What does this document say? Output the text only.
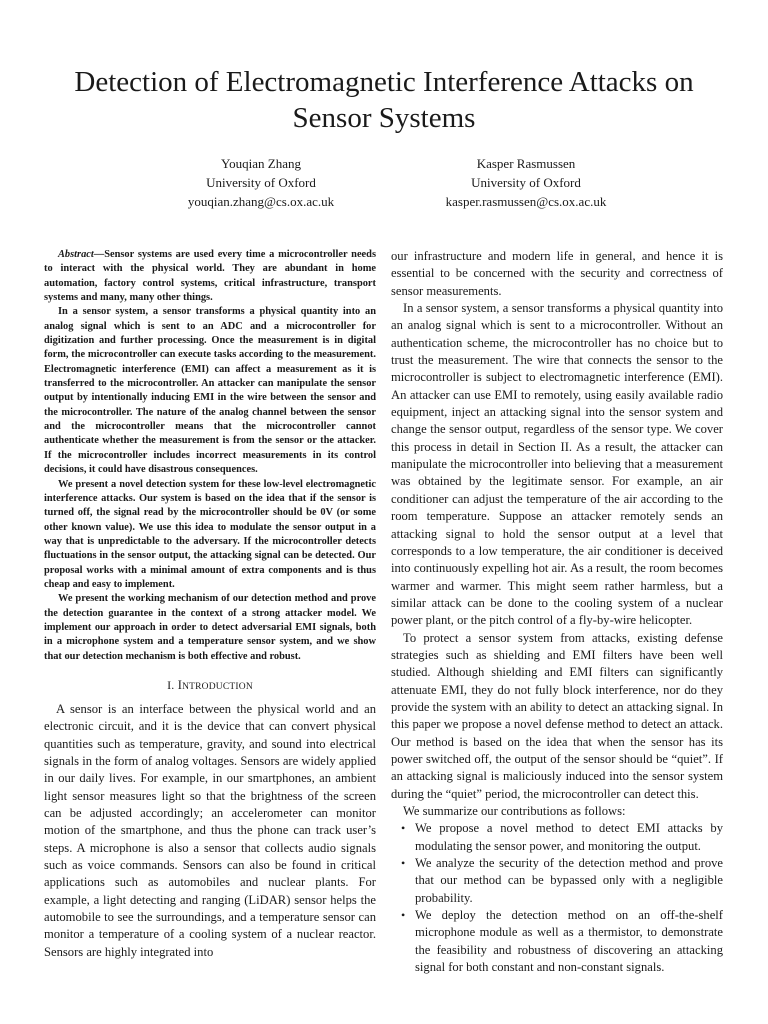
Detection of Electromagnetic Interference Attacks on Sensor Systems
Youqian Zhang
University of Oxford
youqian.zhang@cs.ox.ac.uk
Kasper Rasmussen
University of Oxford
kasper.rasmussen@cs.ox.ac.uk

Abstract—Sensor systems are used every time a microcontroller needs to interact with the physical world. They are abundant in home automation, factory control systems, critical infrastructure, transport systems and many, many other things.

In a sensor system, a sensor transforms a physical quantity into an analog signal which is sent to an ADC and a microcontroller for digitization and further processing. Once the measurement is in digital form, the microcontroller can execute tasks according to the measurement. Electromagnetic interference (EMI) can affect a measurement as it is transferred to the microcontroller. An attacker can manipulate the sensor output by intentionally inducing EMI in the wire between the sensor and the microcontroller. The nature of the analog channel between the sensor and the microcontroller means that the microcontroller cannot authenticate whether the measurement is from the sensor or the attacker. If the microcontroller includes incorrect measurements in its control decisions, it could have disastrous consequences.

We present a novel detection system for these low-level electromagnetic interference attacks. Our system is based on the idea that if the sensor is turned off, the signal read by the microcontroller should be 0V (or some other known value). We use this idea to modulate the sensor output in a way that is unpredictable to the adversary. If the microcontroller detects fluctuations in the sensor output, the attacking signal can be detected. Our proposal works with a minimal amount of extra components and is thus cheap and easy to implement.

We present the working mechanism of our detection method and prove the detection guarantee in the context of a strong attacker model. We implement our approach in order to detect adversarial EMI signals, both in a microphone system and a temperature sensor system, and we show that our detection mechanism is both effective and robust.

I. INTRODUCTION

A sensor is an interface between the physical world and an electronic circuit, and it is the device that can convert physical quantities such as temperature, gravity, and sound into electrical signals in the form of analog voltages. Sensors are widely applied in our daily lives. For example, in our smartphones, an ambient light sensor measures light so that the brightness of the screen can be adjusted accordingly; an accelerometer can monitor motion of the smartphone, and thus the phone can track user’s steps. A microphone is also a sensor that collects audio signals such as voice commands. Sensors can also be found in critical applications such as automobiles and nuclear plants. For example, a light detecting and ranging (LiDAR) sensor helps the automobile to see the surroundings, and a temperature sensor can monitor a temperature of a cooling system of a nuclear reactor. Sensors are highly integrated into

our infrastructure and modern life in general, and hence it is essential to be concerned with the security and correctness of sensor measurements.

In a sensor system, a sensor transforms a physical quantity into an analog signal which is sent to a microcontroller. Without an authentication scheme, the microcontroller has no choice but to trust the measurement. The wire that connects the sensor to the microcontroller is subject to electromagnetic interference (EMI). An attacker can use EMI to remotely, using easily available radio equipment, inject an attacking signal into the sensor system and change the sensor output, regardless of the sensor type. We cover this process in detail in Section II. As a result, the attacker can manipulate the microcontroller into believing that a measurement was obtained by the legitimate sensor. For example, an air conditioner can adjust the temperature of the air according to the room temperature. Suppose an attacker remotely sends an attacking signal to hold the sensor output at a level that corresponds to a low temperature, the air conditioner is deceived into continuously expelling hot air. As a result, the room becomes warmer and warmer. This might seem rather harmless, but a similar attack can be done to the cooling system of a nuclear power plant, or the pitch control of a fly-by-wire helicopter.

To protect a sensor system from attacks, existing defense strategies such as shielding and EMI filters have been well studied. Although shielding and EMI filters can significantly attenuate EMI, they do not fully block interference, nor do they provide the system with an ability to detect an attacking signal. In this paper we propose a novel defense method to detect an attack. Our method is based on the idea that when the sensor has its power switched off, the output of the sensor should be “quiet”. If an attacking signal is maliciously induced into the sensor system during the “quiet” period, the microcontroller can detect this.

We summarize our contributions as follows:

• We propose a novel method to detect EMI attacks by modulating the sensor power, and monitoring the output.
• We analyze the security of the detection method and prove that our method can be bypassed only with a negligible probability.
• We deploy the detection method on an off-the-shelf microphone module as well as a thermistor, to demonstrate the feasibility and robustness of discovering an attacking signal for both constant and non-constant signals.
